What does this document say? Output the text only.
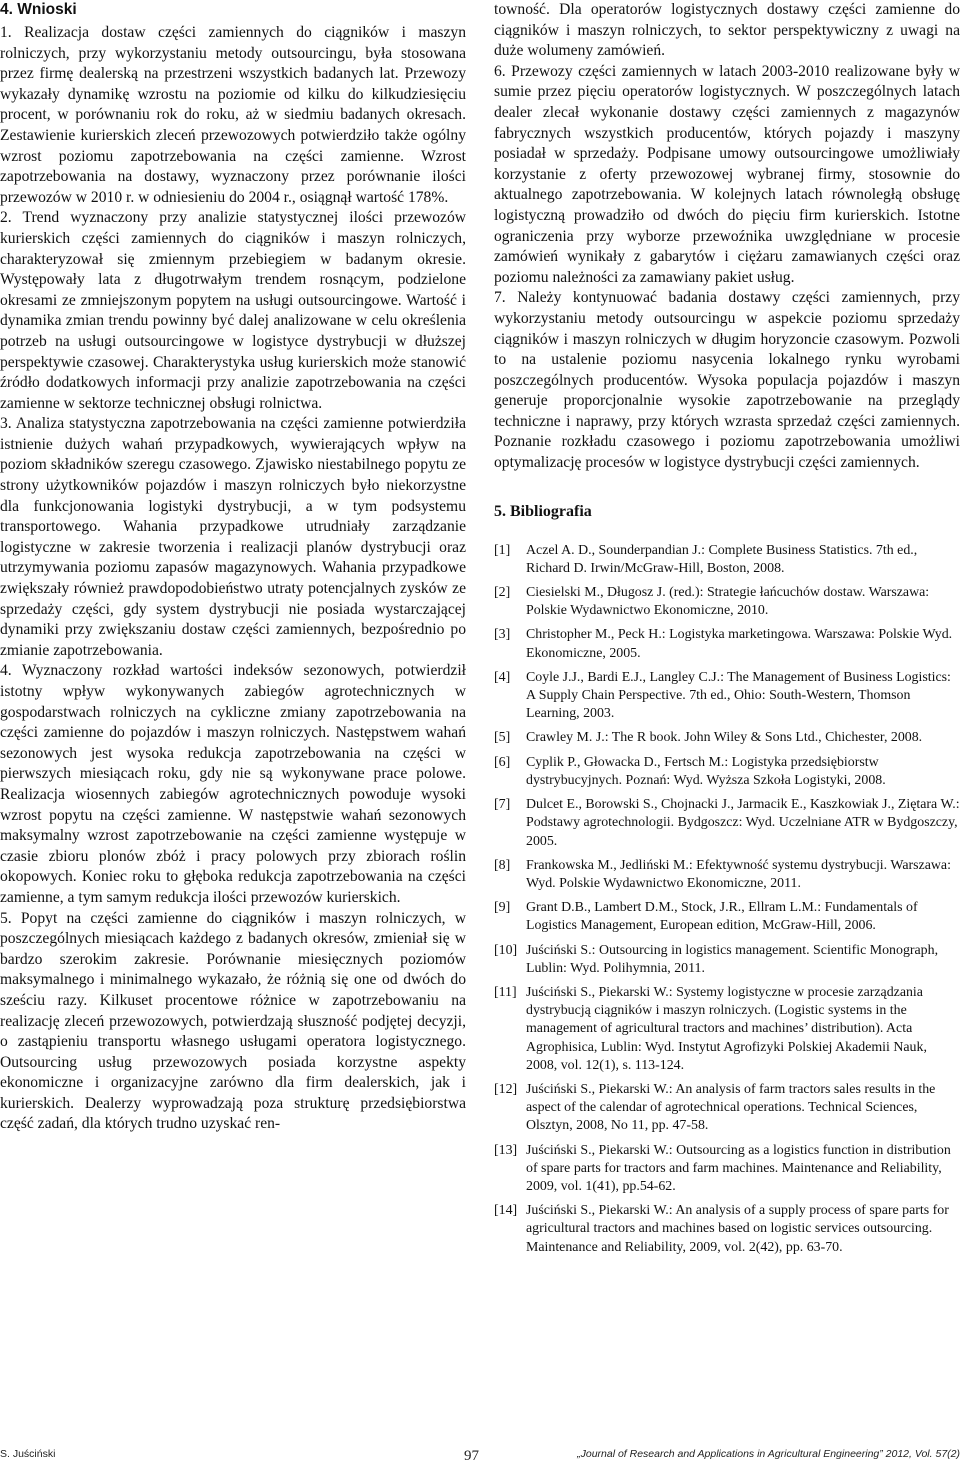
4. Wnioski

1. Realizacja dostaw części zamiennych do ciągników i maszyn rolniczych, przy wykorzystaniu metody outsourcingu, była stosowana przez firmę dealerską na przestrzeni wszystkich badanych lat. Przewozy wykazały dynamikę wzrostu na poziomie od kilku do kilkudziesięciu procent, w porównaniu rok do roku, aż w siedmiu badanych okresach. Zestawienie kurierskich zleceń przewozowych potwierdziło także ogólny wzrost poziomu zapotrzebowania na części zamienne. Wzrost zapotrzebowania na dostawy, wyznaczony przez porównanie ilości przewozów w 2010 r. w odniesieniu do 2004 r., osiągnął wartość 178%.

2. Trend wyznaczony przy analizie statystycznej ilości przewozów kurierskich części zamiennych do ciągników i maszyn rolniczych, charakteryzował się zmiennym przebiegiem w badanym okresie. Występowały lata z długotrwałym trendem rosnącym, podzielone okresami ze zmniejszonym popytem na usługi outsourcingowe. Wartość i dynamika zmian trendu powinny być dalej analizowane w celu określenia potrzeb na usługi outsourcingowe w logistyce dystrybucji w dłuższej perspektywie czasowej. Charakterystyka usług kurierskich może stanowić źródło dodatkowych informacji przy analizie zapotrzebowania na części zamienne w sektorze technicznej obsługi rolnictwa.

3. Analiza statystyczna zapotrzebowania na części zamienne potwierdziła istnienie dużych wahań przypadkowych, wywierających wpływ na poziom składników szeregu czasowego. Zjawisko niestabilnego popytu ze strony użytkowników pojazdów i maszyn rolniczych było niekorzystne dla funkcjonowania logistyki dystrybucji, a w tym podsystemu transportowego. Wahania przypadkowe utrudniały zarządzanie logistyczne w zakresie tworzenia i realizacji planów dystrybucji oraz utrzymywania poziomu zapasów magazynowych. Wahania przypadkowe zwiększały również prawdopodobieństwo utraty potencjalnych zysków ze sprzedaży części, gdy system dystrybucji nie posiada wystarczającej dynamiki przy zwiększaniu dostaw części zamiennych, bezpośrednio po zmianie zapotrzebowania.

4. Wyznaczony rozkład wartości indeksów sezonowych, potwierdził istotny wpływ wykonywanych zabiegów agrotechnicznych w gospodarstwach rolniczych na cykliczne zmiany zapotrzebowania na części zamienne do pojazdów i maszyn rolniczych. Następstwem wahań sezonowych jest wysoka redukcja zapotrzebowania na części w pierwszych miesiącach roku, gdy nie są wykonywane prace polowe. Realizacja wiosennych zabiegów agrotechnicznych powoduje wysoki wzrost popytu na części zamienne. W następstwie wahań sezonowych maksymalny wzrost zapotrzebowanie na części zamienne występuje w czasie zbioru plonów zbóż i pracy polowych przy zbiorach roślin okopowych. Koniec roku to głęboka redukcja zapotrzebowania na części zamienne, a tym samym redukcja ilości przewozów kurierskich.

5. Popyt na części zamienne do ciągników i maszyn rolniczych, w poszczególnych miesiącach każdego z badanych okresów, zmieniał się w bardzo szerokim zakresie. Porównanie miesięcznych poziomów maksymalnego i minimalnego wykazało, że różnią się one od dwóch do sześciu razy. Kilkuset procentowe różnice w zapotrzebowaniu na realizację zleceń przewozowych, potwierdzają słuszność podjętej decyzji, o zastąpieniu transportu własnego usługami operatora logistycznego. Outsourcing usług przewozowych posiada korzystne aspekty ekonomiczne i organizacyjne zarówno dla firm dealerskich, jak i kurierskich. Dealerzy wyprowadzają poza strukturę przedsiębiorstwa część zadań, dla których trudno uzyskać ren-

towność. Dla operatorów logistycznych dostawy części zamienne do ciągników i maszyn rolniczych, to sektor perspektywiczny z uwagi na duże wolumeny zamówień.

6. Przewozy części zamiennych w latach 2003-2010 realizowane były w sumie przez pięciu operatorów logistycznych. W poszczególnych latach dealer zlecał wykonanie dostawy części zamiennych z magazynów fabrycznych wszystkich producentów, których pojazdy i maszyny posiadał w sprzedaży. Podpisane umowy outsourcingowe umożliwiały korzystanie z oferty przewozowej wybranej firmy, stosownie do aktualnego zapotrzebowania. W kolejnych latach równoległą obsługę logistyczną prowadziło od dwóch do pięciu firm kurierskich. Istotne ograniczenia przy wyborze przewoźnika uwzględniane w procesie zamówień wynikały z gabarytów i ciężaru zamawianych części oraz poziomu należności za zamawiany pakiet usług.

7. Należy kontynuować badania dostawy części zamiennych, przy wykorzystaniu metody outsourcingu w aspekcie poziomu sprzedaży ciągników i maszyn rolniczych w długim horyzoncie czasowym. Pozwoli to na ustalenie poziomu nasycenia lokalnego rynku wyrobami poszczególnych producentów. Wysoka populacja pojazdów i maszyn generuje proporcjonalnie wysokie zapotrzebowanie na przeglądy techniczne i naprawy, przy których wzrasta sprzedaż części zamiennych. Poznanie rozkładu czasowego i poziomu zapotrzebowania umożliwi optymalizację procesów w logistyce dystrybucji części zamiennych.

5. Bibliografia
[1] Aczel A. D., Sounderpandian J.: Complete Business Statistics. 7th ed., Richard D. Irwin/McGraw-Hill, Boston, 2008.
[2] Ciesielski M., Długosz J. (red.): Strategie łańcuchów dostaw. Warszawa: Polskie Wydawnictwo Ekonomiczne, 2010.
[3] Christopher M., Peck H.: Logistyka marketingowa. Warszawa: Polskie Wyd. Ekonomiczne, 2005.
[4] Coyle J.J., Bardi E.J., Langley C.J.: The Management of Business Logistics: A Supply Chain Perspective. 7th ed., Ohio: South-Western, Thomson Learning, 2003.
[5] Crawley M. J.: The R book. John Wiley & Sons Ltd., Chichester, 2008.
[6] Cyplik P., Głowacka D., Fertsch M.: Logistyka przedsiębiorstw dystrybucyjnych. Poznań: Wyd. Wyższa Szkoła Logistyki, 2008.
[7] Dulcet E., Borowski S., Chojnacki J., Jarmacik E., Kaszkowiak J., Ziętara W.: Podstawy agrotechnologii. Bydgoszcz: Wyd. Uczelniane ATR w Bydgoszczy, 2005.
[8] Frankowska M., Jedliński M.: Efektywność systemu dystrybucji. Warszawa: Wyd. Polskie Wydawnictwo Ekonomiczne, 2011.
[9] Grant D.B., Lambert D.M., Stock, J.R., Ellram L.M.: Fundamentals of Logistics Management, European edition, McGraw-Hill, 2006.
[10] Juściński S.: Outsourcing in logistics management. Scientific Monograph, Lublin: Wyd. Polihymnia, 2011.
[11] Juściński S., Piekarski W.: Systemy logistyczne w procesie zarządzania dystrybucją ciągników i maszyn rolniczych. (Logistic systems in the management of agricultural tractors and machines’ distribution). Acta Agrophisica, Lublin: Wyd. Instytut Agrofizyki Polskiej Akademii Nauk, 2008, vol. 12(1), s. 113-124.
[12] Juściński S., Piekarski W.: An analysis of farm tractors sales results in the aspect of the calendar of agrotechnical operations. Technical Sciences, Olsztyn, 2008, No 11, pp. 47-58.
[13] Juściński S., Piekarski W.: Outsourcing as a logistics function in distribution of spare parts for tractors and farm machines. Maintenance and Reliability, 2009, vol. 1(41), pp.54-62.
[14] Juściński S., Piekarski W.: An analysis of a supply process of spare parts for agricultural tractors and machines based on logistic services outsourcing. Maintenance and Reliability, 2009, vol. 2(42), pp. 63-70.
S. Juściński	97	„Journal of Research and Applications in Agricultural Engineering” 2012, Vol. 57(2)
